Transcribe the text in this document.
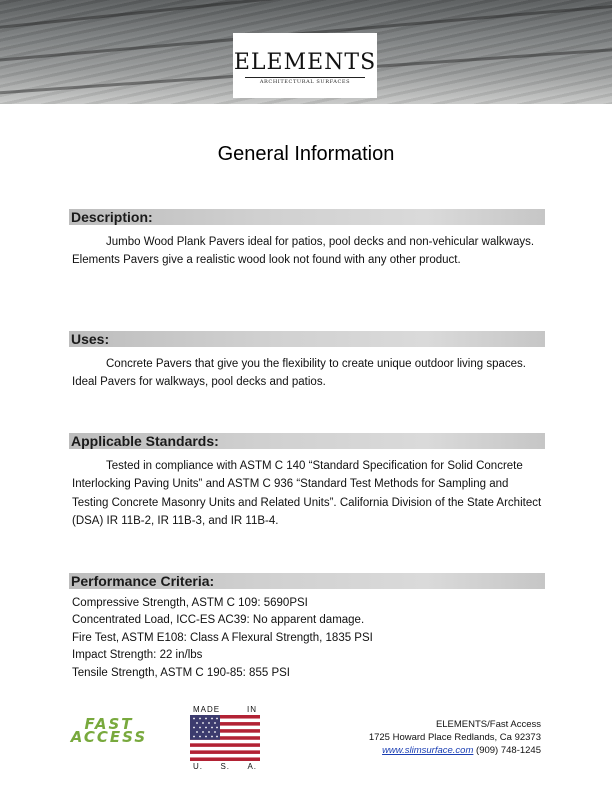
ELEMENTS
ARCHITECTURAL SURFACES
General Information
Description:
Jumbo Wood Plank Pavers ideal for patios, pool decks and non-vehicular walkways. Elements Pavers give a realistic wood look not found with any other product.
Uses:
Concrete Pavers that give you the flexibility to create unique outdoor living spaces. Ideal Pavers for walkways, pool decks and patios.
Applicable Standards:
Tested in compliance with ASTM C 140 “Standard Specification for Solid Concrete Interlocking Paving Units” and ASTM C 936 “Standard Test Methods for Sampling and Testing Concrete Masonry Units and Related Units”. California Division of the State Architect (DSA) IR 11B-2, IR 11B-3, and IR 11B-4.
Performance Criteria:
Compressive Strength, ASTM C 109: 5690PSI
Concentrated Load, ICC-ES AC39: No apparent damage.
Fire Test, ASTM E108: Class A Flexural Strength, 1835 PSI
Impact Strength: 22 in/lbs
Tensile Strength, ASTM C 190-85: 855 PSI
FAST
ACCESS
MADE	IN
U. S. A.
ELEMENTS/Fast Access
1725 Howard Place Redlands, Ca 92373
www.slimsurface.com (909) 748-1245
